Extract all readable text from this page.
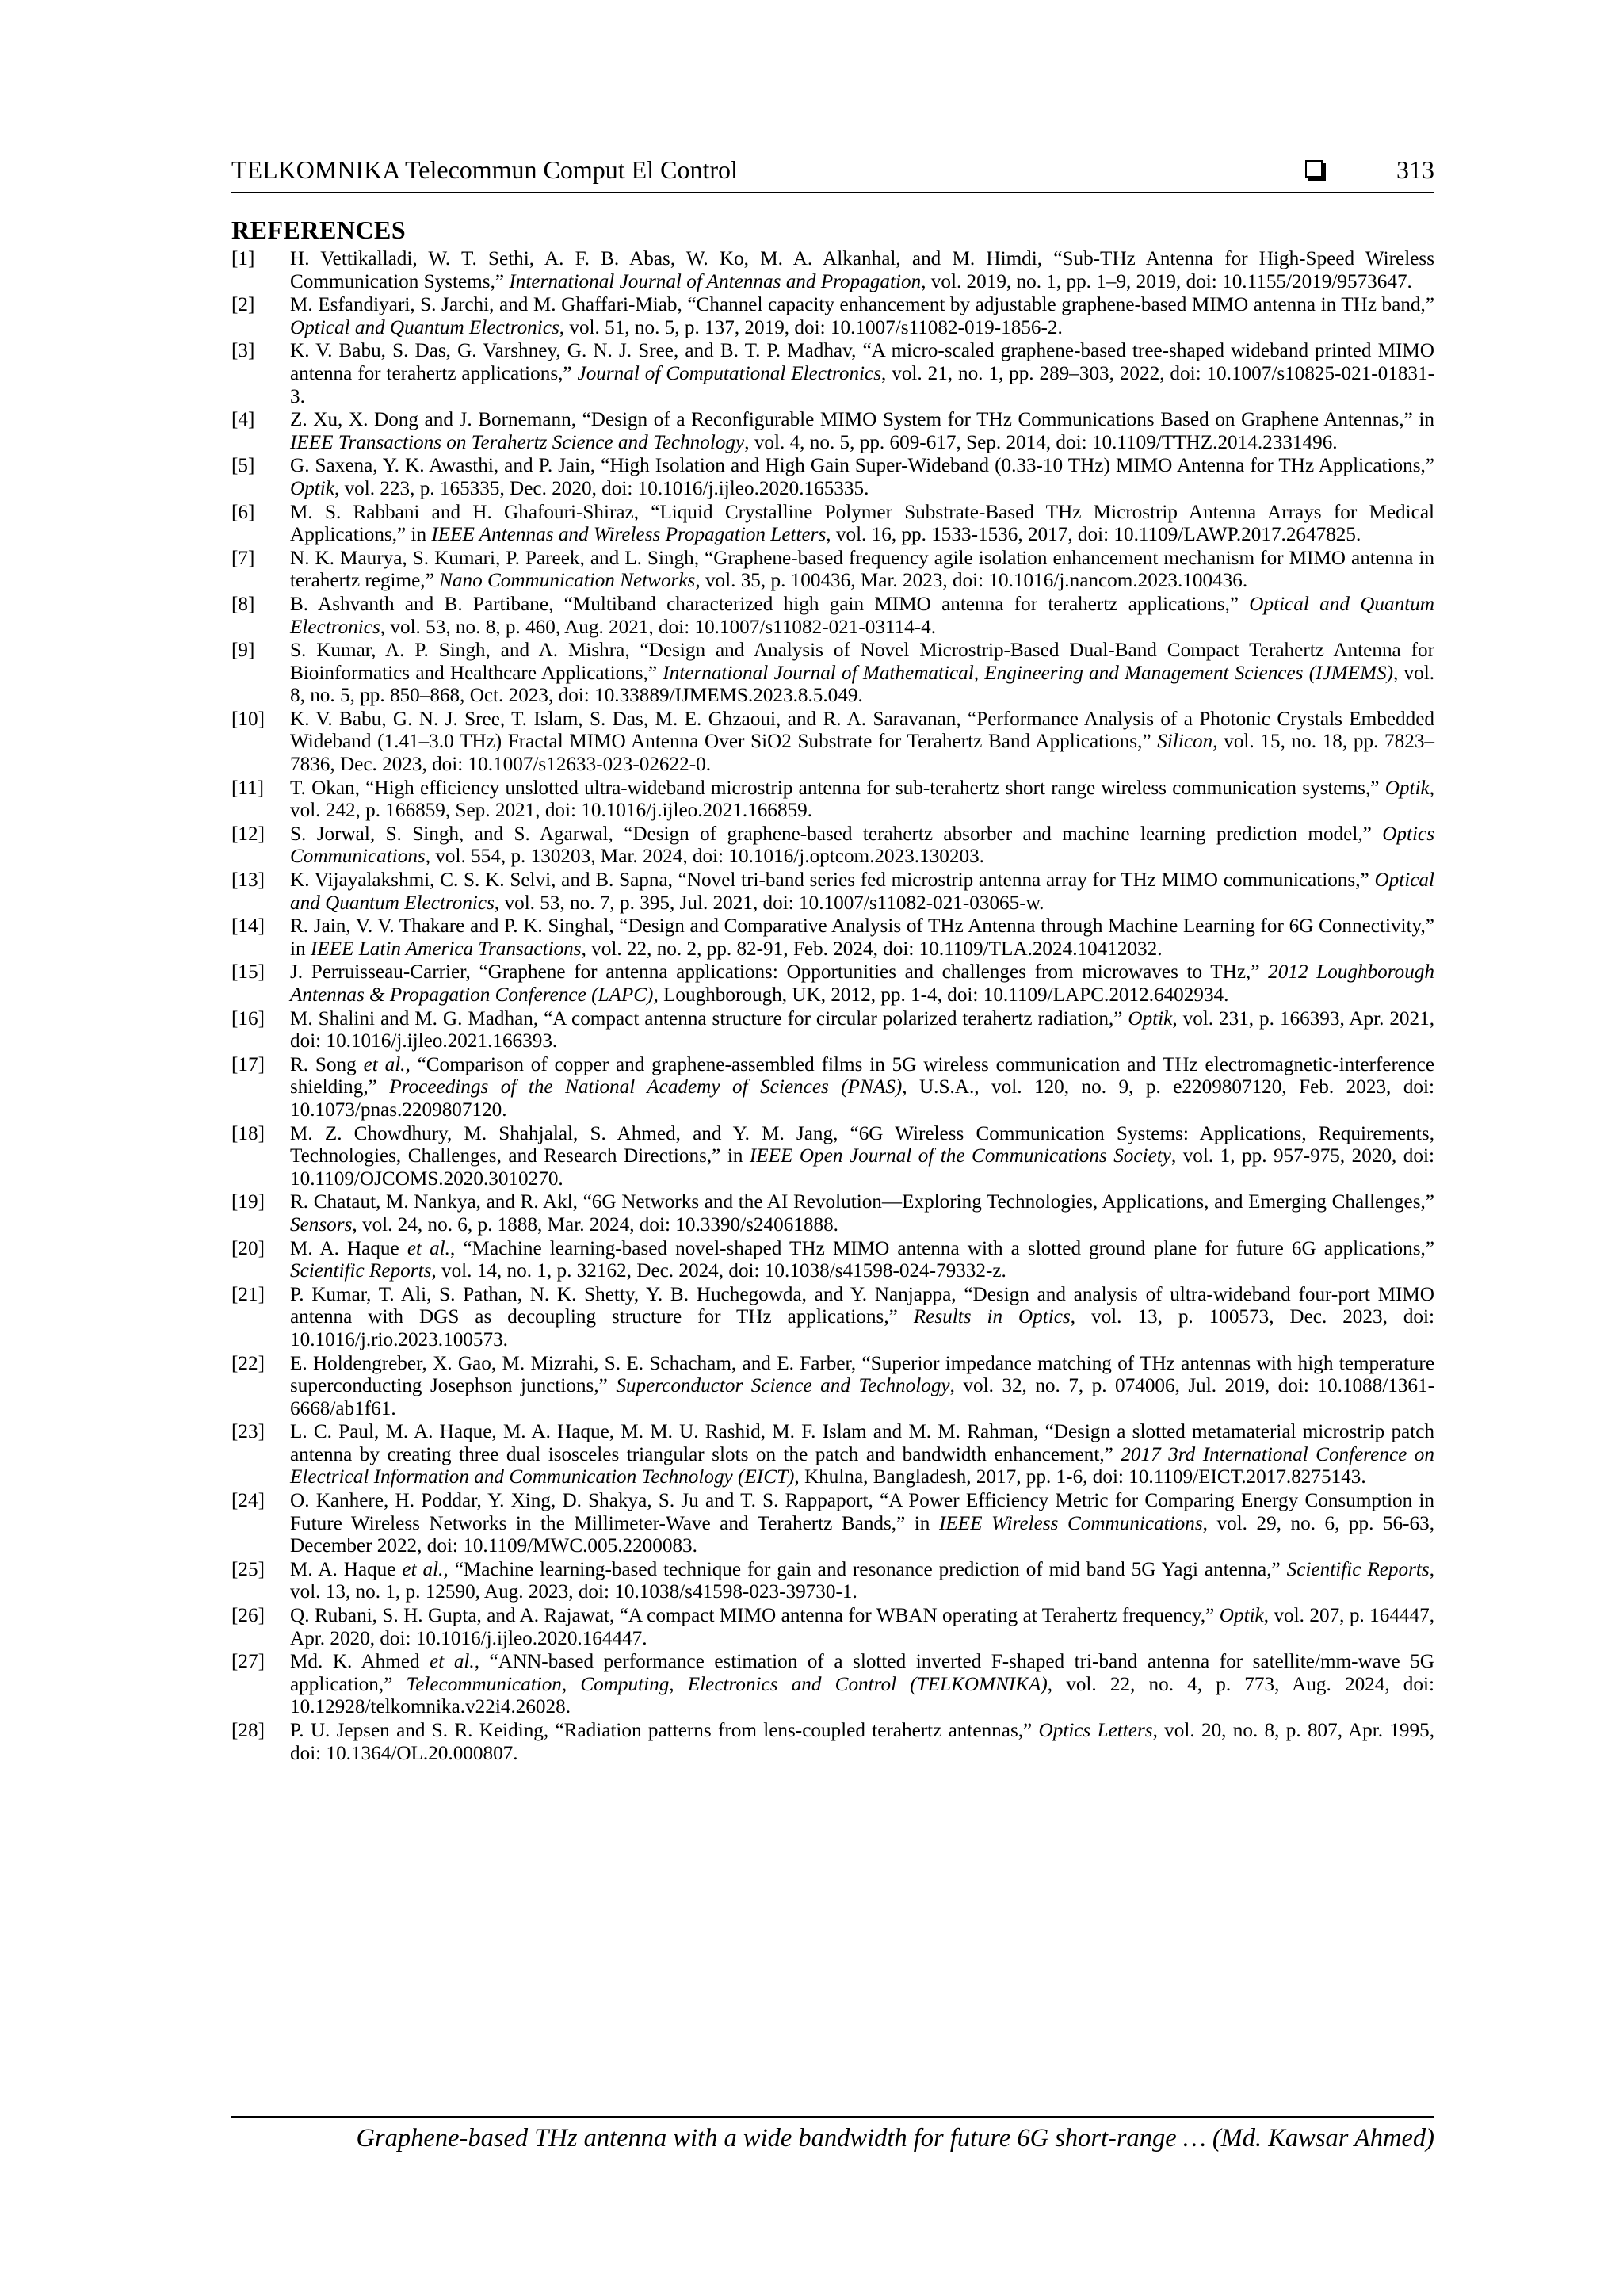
TELKOMNIKA Telecommun Comput El Control	313
REFERENCES
[1]	H. Vettikalladi, W. T. Sethi, A. F. B. Abas, W. Ko, M. A. Alkanhal, and M. Himdi, “Sub-THz Antenna for High-Speed Wireless Communication Systems,” International Journal of Antennas and Propagation, vol. 2019, no. 1, pp. 1–9, 2019, doi: 10.1155/2019/9573647.
[2]	M. Esfandiyari, S. Jarchi, and M. Ghaffari-Miab, “Channel capacity enhancement by adjustable graphene-based MIMO antenna in THz band,” Optical and Quantum Electronics, vol. 51, no. 5, p. 137, 2019, doi: 10.1007/s11082-019-1856-2.
[3]	K. V. Babu, S. Das, G. Varshney, G. N. J. Sree, and B. T. P. Madhav, “A micro-scaled graphene-based tree-shaped wideband printed MIMO antenna for terahertz applications,” Journal of Computational Electronics, vol. 21, no. 1, pp. 289–303, 2022, doi: 10.1007/s10825-021-01831-3.
[4]	Z. Xu, X. Dong and J. Bornemann, “Design of a Reconfigurable MIMO System for THz Communications Based on Graphene Antennas,” in IEEE Transactions on Terahertz Science and Technology, vol. 4, no. 5, pp. 609-617, Sep. 2014, doi: 10.1109/TTHZ.2014.2331496.
[5]	G. Saxena, Y. K. Awasthi, and P. Jain, “High Isolation and High Gain Super-Wideband (0.33-10 THz) MIMO Antenna for THz Applications,” Optik, vol. 223, p. 165335, Dec. 2020, doi: 10.1016/j.ijleo.2020.165335.
[6]	M. S. Rabbani and H. Ghafouri-Shiraz, “Liquid Crystalline Polymer Substrate-Based THz Microstrip Antenna Arrays for Medical Applications,” in IEEE Antennas and Wireless Propagation Letters, vol. 16, pp. 1533-1536, 2017, doi: 10.1109/LAWP.2017.2647825.
[7]	N. K. Maurya, S. Kumari, P. Pareek, and L. Singh, “Graphene-based frequency agile isolation enhancement mechanism for MIMO antenna in terahertz regime,” Nano Communication Networks, vol. 35, p. 100436, Mar. 2023, doi: 10.1016/j.nancom.2023.100436.
[8]	B. Ashvanth and B. Partibane, “Multiband characterized high gain MIMO antenna for terahertz applications,” Optical and Quantum Electronics, vol. 53, no. 8, p. 460, Aug. 2021, doi: 10.1007/s11082-021-03114-4.
[9]	S. Kumar, A. P. Singh, and A. Mishra, “Design and Analysis of Novel Microstrip-Based Dual-Band Compact Terahertz Antenna for Bioinformatics and Healthcare Applications,” International Journal of Mathematical, Engineering and Management Sciences (IJMEMS), vol. 8, no. 5, pp. 850–868, Oct. 2023, doi: 10.33889/IJMEMS.2023.8.5.049.
[10]	K. V. Babu, G. N. J. Sree, T. Islam, S. Das, M. E. Ghzaoui, and R. A. Saravanan, “Performance Analysis of a Photonic Crystals Embedded Wideband (1.41–3.0 THz) Fractal MIMO Antenna Over SiO2 Substrate for Terahertz Band Applications,” Silicon, vol. 15, no. 18, pp. 7823–7836, Dec. 2023, doi: 10.1007/s12633-023-02622-0.
[11]	T. Okan, “High efficiency unslotted ultra-wideband microstrip antenna for sub-terahertz short range wireless communication systems,” Optik, vol. 242, p. 166859, Sep. 2021, doi: 10.1016/j.ijleo.2021.166859.
[12]	S. Jorwal, S. Singh, and S. Agarwal, “Design of graphene-based terahertz absorber and machine learning prediction model,” Optics Communications, vol. 554, p. 130203, Mar. 2024, doi: 10.1016/j.optcom.2023.130203.
[13]	K. Vijayalakshmi, C. S. K. Selvi, and B. Sapna, “Novel tri-band series fed microstrip antenna array for THz MIMO communications,” Optical and Quantum Electronics, vol. 53, no. 7, p. 395, Jul. 2021, doi: 10.1007/s11082-021-03065-w.
[14]	R. Jain, V. V. Thakare and P. K. Singhal, “Design and Comparative Analysis of THz Antenna through Machine Learning for 6G Connectivity,” in IEEE Latin America Transactions, vol. 22, no. 2, pp. 82-91, Feb. 2024, doi: 10.1109/TLA.2024.10412032.
[15]	J. Perruisseau-Carrier, “Graphene for antenna applications: Opportunities and challenges from microwaves to THz,” 2012 Loughborough Antennas & Propagation Conference (LAPC), Loughborough, UK, 2012, pp. 1-4, doi: 10.1109/LAPC.2012.6402934.
[16]	M. Shalini and M. G. Madhan, “A compact antenna structure for circular polarized terahertz radiation,” Optik, vol. 231, p. 166393, Apr. 2021, doi: 10.1016/j.ijleo.2021.166393.
[17]	R. Song et al., “Comparison of copper and graphene-assembled films in 5G wireless communication and THz electromagnetic-interference shielding,” Proceedings of the National Academy of Sciences (PNAS), U.S.A., vol. 120, no. 9, p. e2209807120, Feb. 2023, doi: 10.1073/pnas.2209807120.
[18]	M. Z. Chowdhury, M. Shahjalal, S. Ahmed, and Y. M. Jang, “6G Wireless Communication Systems: Applications, Requirements, Technologies, Challenges, and Research Directions,” in IEEE Open Journal of the Communications Society, vol. 1, pp. 957-975, 2020, doi: 10.1109/OJCOMS.2020.3010270.
[19]	R. Chataut, M. Nankya, and R. Akl, “6G Networks and the AI Revolution—Exploring Technologies, Applications, and Emerging Challenges,” Sensors, vol. 24, no. 6, p. 1888, Mar. 2024, doi: 10.3390/s24061888.
[20]	M. A. Haque et al., “Machine learning-based novel-shaped THz MIMO antenna with a slotted ground plane for future 6G applications,” Scientific Reports, vol. 14, no. 1, p. 32162, Dec. 2024, doi: 10.1038/s41598-024-79332-z.
[21]	P. Kumar, T. Ali, S. Pathan, N. K. Shetty, Y. B. Huchegowda, and Y. Nanjappa, “Design and analysis of ultra-wideband four-port MIMO antenna with DGS as decoupling structure for THz applications,” Results in Optics, vol. 13, p. 100573, Dec. 2023, doi: 10.1016/j.rio.2023.100573.
[22]	E. Holdengreber, X. Gao, M. Mizrahi, S. E. Schacham, and E. Farber, “Superior impedance matching of THz antennas with high temperature superconducting Josephson junctions,” Superconductor Science and Technology, vol. 32, no. 7, p. 074006, Jul. 2019, doi: 10.1088/1361-6668/ab1f61.
[23]	L. C. Paul, M. A. Haque, M. A. Haque, M. M. U. Rashid, M. F. Islam and M. M. Rahman, “Design a slotted metamaterial microstrip patch antenna by creating three dual isosceles triangular slots on the patch and bandwidth enhancement,” 2017 3rd International Conference on Electrical Information and Communication Technology (EICT), Khulna, Bangladesh, 2017, pp. 1-6, doi: 10.1109/EICT.2017.8275143.
[24]	O. Kanhere, H. Poddar, Y. Xing, D. Shakya, S. Ju and T. S. Rappaport, “A Power Efficiency Metric for Comparing Energy Consumption in Future Wireless Networks in the Millimeter-Wave and Terahertz Bands,” in IEEE Wireless Communications, vol. 29, no. 6, pp. 56-63, December 2022, doi: 10.1109/MWC.005.2200083.
[25]	M. A. Haque et al., “Machine learning-based technique for gain and resonance prediction of mid band 5G Yagi antenna,” Scientific Reports, vol. 13, no. 1, p. 12590, Aug. 2023, doi: 10.1038/s41598-023-39730-1.
[26]	Q. Rubani, S. H. Gupta, and A. Rajawat, “A compact MIMO antenna for WBAN operating at Terahertz frequency,” Optik, vol. 207, p. 164447, Apr. 2020, doi: 10.1016/j.ijleo.2020.164447.
[27]	Md. K. Ahmed et al., “ANN-based performance estimation of a slotted inverted F-shaped tri-band antenna for satellite/mm-wave 5G application,” Telecommunication, Computing, Electronics and Control (TELKOMNIKA), vol. 22, no. 4, p. 773, Aug. 2024, doi: 10.12928/telkomnika.v22i4.26028.
[28]	P. U. Jepsen and S. R. Keiding, “Radiation patterns from lens-coupled terahertz antennas,” Optics Letters, vol. 20, no. 8, p. 807, Apr. 1995, doi: 10.1364/OL.20.000807.
Graphene-based THz antenna with a wide bandwidth for future 6G short-range … (Md. Kawsar Ahmed)
